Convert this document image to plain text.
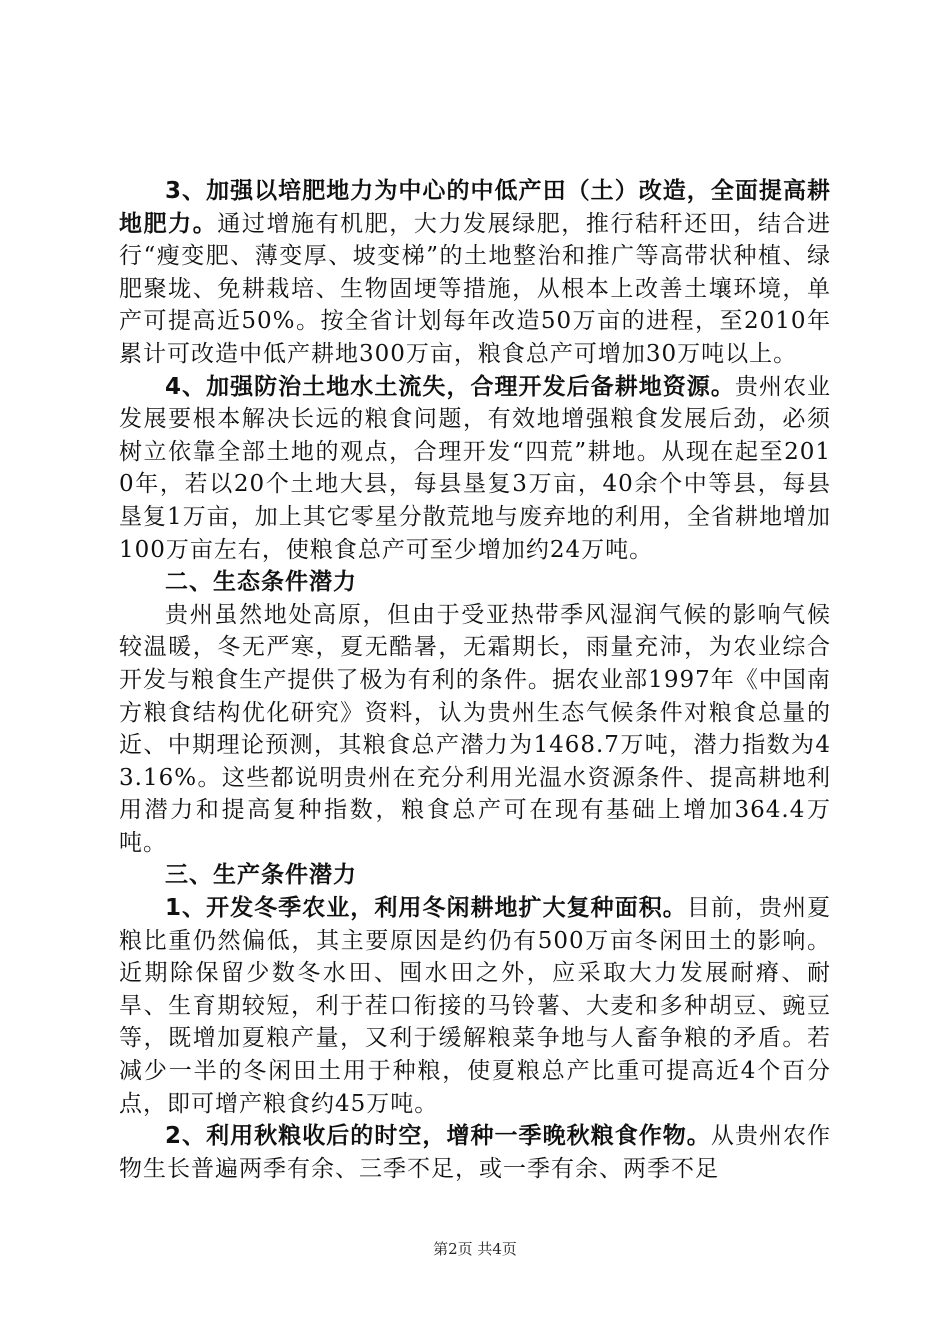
3、加强以培肥地力为中心的中低产田（土）改造，全面提高耕地肥力。通过增施有机肥，大力发展绿肥，推行秸秆还田，结合进行“瘦变肥、薄变厚、坡变梯”的土地整治和推广等高带状种植、绿肥聚垅、免耕栽培、生物固埂等措施，从根本上改善土壤环境，单产可提高近50%。按全省计划每年改造50万亩的进程，至2010年累计可改造中低产耕地300万亩，粮食总产可增加30万吨以上。

4、加强防治土地水土流失，合理开发后备耕地资源。贵州农业发展要根本解决长远的粮食问题，有效地增强粮食发展后劲，必须树立依靠全部土地的观点，合理开发“四荒”耕地。从现在起至2010年，若以20个土地大县，每县垦复3万亩，40余个中等县，每县垦复1万亩，加上其它零星分散荒地与废弃地的利用，全省耕地增加100万亩左右，使粮食总产可至少增加约24万吨。

二、生态条件潜力

贵州虽然地处高原，但由于受亚热带季风湿润气候的影响气候较温暖，冬无严寒，夏无酷暑，无霜期长，雨量充沛，为农业综合开发与粮食生产提供了极为有利的条件。据农业部1997年《中国南方粮食结构优化研究》资料，认为贵州生态气候条件对粮食总量的近、中期理论预测，其粮食总产潜力为1468.7万吨，潜力指数为43.16%。这些都说明贵州在充分利用光温水资源条件、提高耕地利用潜力和提高复种指数，粮食总产可在现有基础上增加364.4万吨。

三、生产条件潜力

1、开发冬季农业，利用冬闲耕地扩大复种面积。目前，贵州夏粮比重仍然偏低，其主要原因是约仍有500万亩冬闲田土的影响。近期除保留少数冬水田、囤水田之外，应采取大力发展耐瘠、耐旱、生育期较短，利于茬口衔接的马铃薯、大麦和多种胡豆、豌豆等，既增加夏粮产量，又利于缓解粮菜争地与人畜争粮的矛盾。若减少一半的冬闲田土用于种粮，使夏粮总产比重可提高近4个百分点，即可增产粮食约45万吨。

2、利用秋粮收后的时空，增种一季晚秋粮食作物。从贵州农作物生长普遍两季有余、三季不足，或一季有余、两季不足

第2页 共4页
